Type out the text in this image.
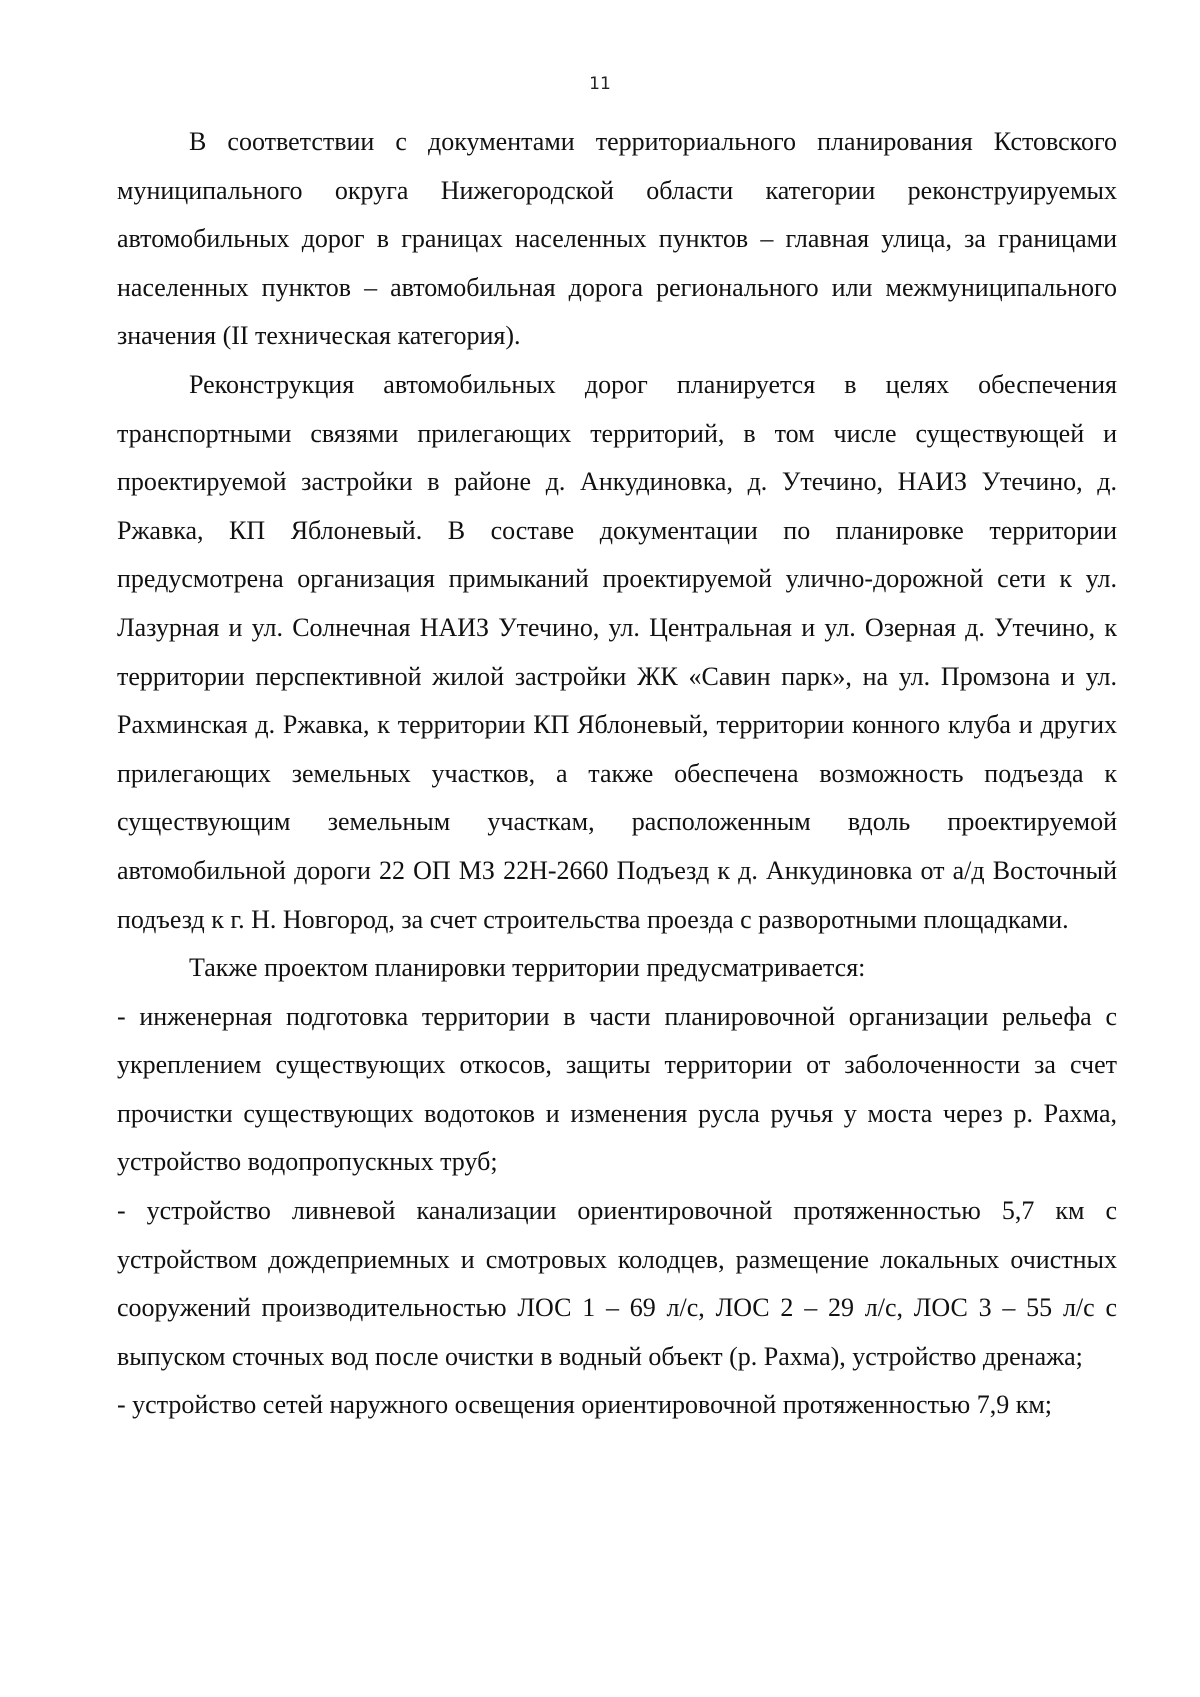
11

В соответствии с документами территориального планирования Кстовского муниципального округа Нижегородской области категории реконструируемых автомобильных дорог в границах населенных пунктов – главная улица, за границами населенных пунктов – автомобильная дорога регионального или межмуниципального значения (II техническая категория).

Реконструкция автомобильных дорог планируется в целях обеспечения транспортными связями прилегающих территорий, в том числе существующей и проектируемой застройки в районе д. Анкудиновка, д. Утечино, НАИЗ Утечино, д. Ржавка, КП Яблоневый. В составе документации по планировке территории предусмотрена организация примыканий проектируемой улично-дорожной сети к ул. Лазурная и ул. Солнечная НАИЗ Утечино, ул. Центральная и ул. Озерная д. Утечино, к территории перспективной жилой застройки ЖК «Савин парк», на ул. Промзона и ул. Рахминская д. Ржавка, к территории КП Яблоневый, территории конного клуба и других прилегающих земельных участков, а также обеспечена возможность подъезда к существующим земельным участкам, расположенным вдоль проектируемой автомобильной дороги 22 ОП МЗ 22Н-2660 Подъезд к д. Анкудиновка от а/д Восточный подъезд к г. Н. Новгород, за счет строительства проезда с разворотными площадками.

Также проектом планировки территории предусматривается:

- инженерная подготовка территории в части планировочной организации рельефа с укреплением существующих откосов, защиты территории от заболоченности за счет прочистки существующих водотоков и изменения русла ручья у моста через р. Рахма, устройство водопропускных труб;

- устройство ливневой канализации ориентировочной протяженностью 5,7 км с устройством дождеприемных и смотровых колодцев, размещение локальных очистных сооружений производительностью ЛОС 1 – 69 л/с, ЛОС 2 – 29 л/с, ЛОС 3 – 55 л/с с выпуском сточных вод после очистки в водный объект (р. Рахма), устройство дренажа;

- устройство сетей наружного освещения ориентировочной протяженностью 7,9 км;
